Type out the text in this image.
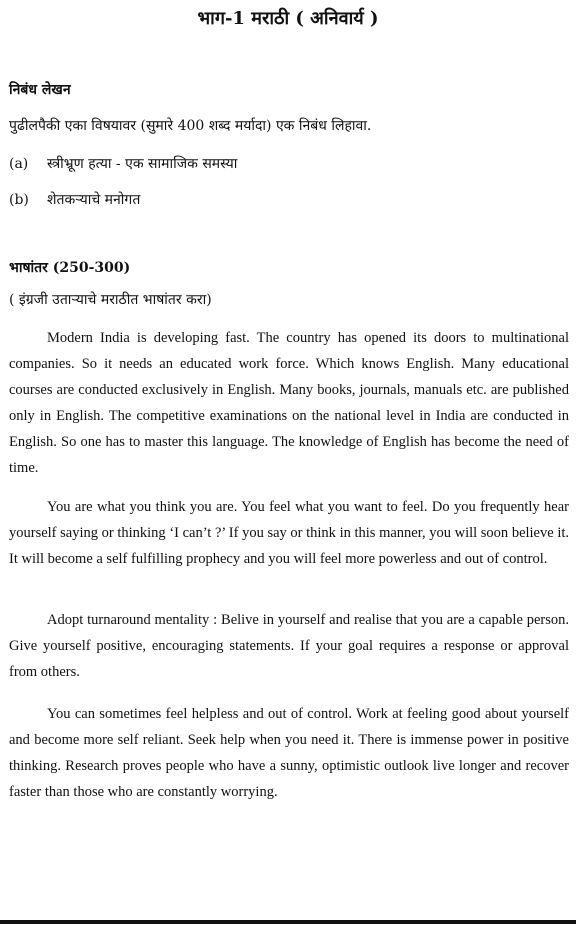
भाग-1 मराठी ( अनिवार्य )
निबंध लेखन
पुढीलपैकी एका विषयावर (सुमारे 400 शब्द मर्यादा) एक निबंध लिहावा.
(a) स्त्रीभ्रूण हत्या - एक सामाजिक समस्या
(b) शेतकऱ्याचे मनोगत
भाषांतर (250-300)
( इंग्रजी उताऱ्याचे मराठीत भाषांतर करा)

Modern India is developing fast. The country has opened its doors to multinational companies. So it needs an educated work force. Which knows English. Many educational courses are conducted exclusively in English. Many books, journals, manuals etc. are published only in English. The competitive examinations on the national level in India are conducted in English. So one has to master this language. The knowledge of English has become the need of time.

You are what you think you are. You feel what you want to feel. Do you frequently hear yourself saying or thinking ‘I can’t ?’ If you say or think in this manner, you will soon believe it. It will become a self fulfilling prophecy and you will feel more powerless and out of control.

Adopt turnaround mentality : Belive in yourself and realise that you are a capable person. Give yourself positive, encouraging statements. If your goal requires a response or approval from others.

You can sometimes feel helpless and out of control. Work at feeling good about yourself and become more self reliant. Seek help when you need it. There is immense power in positive thinking. Research proves people who have a sunny, optimistic outlook live longer and recover faster than those who are constantly worrying.
